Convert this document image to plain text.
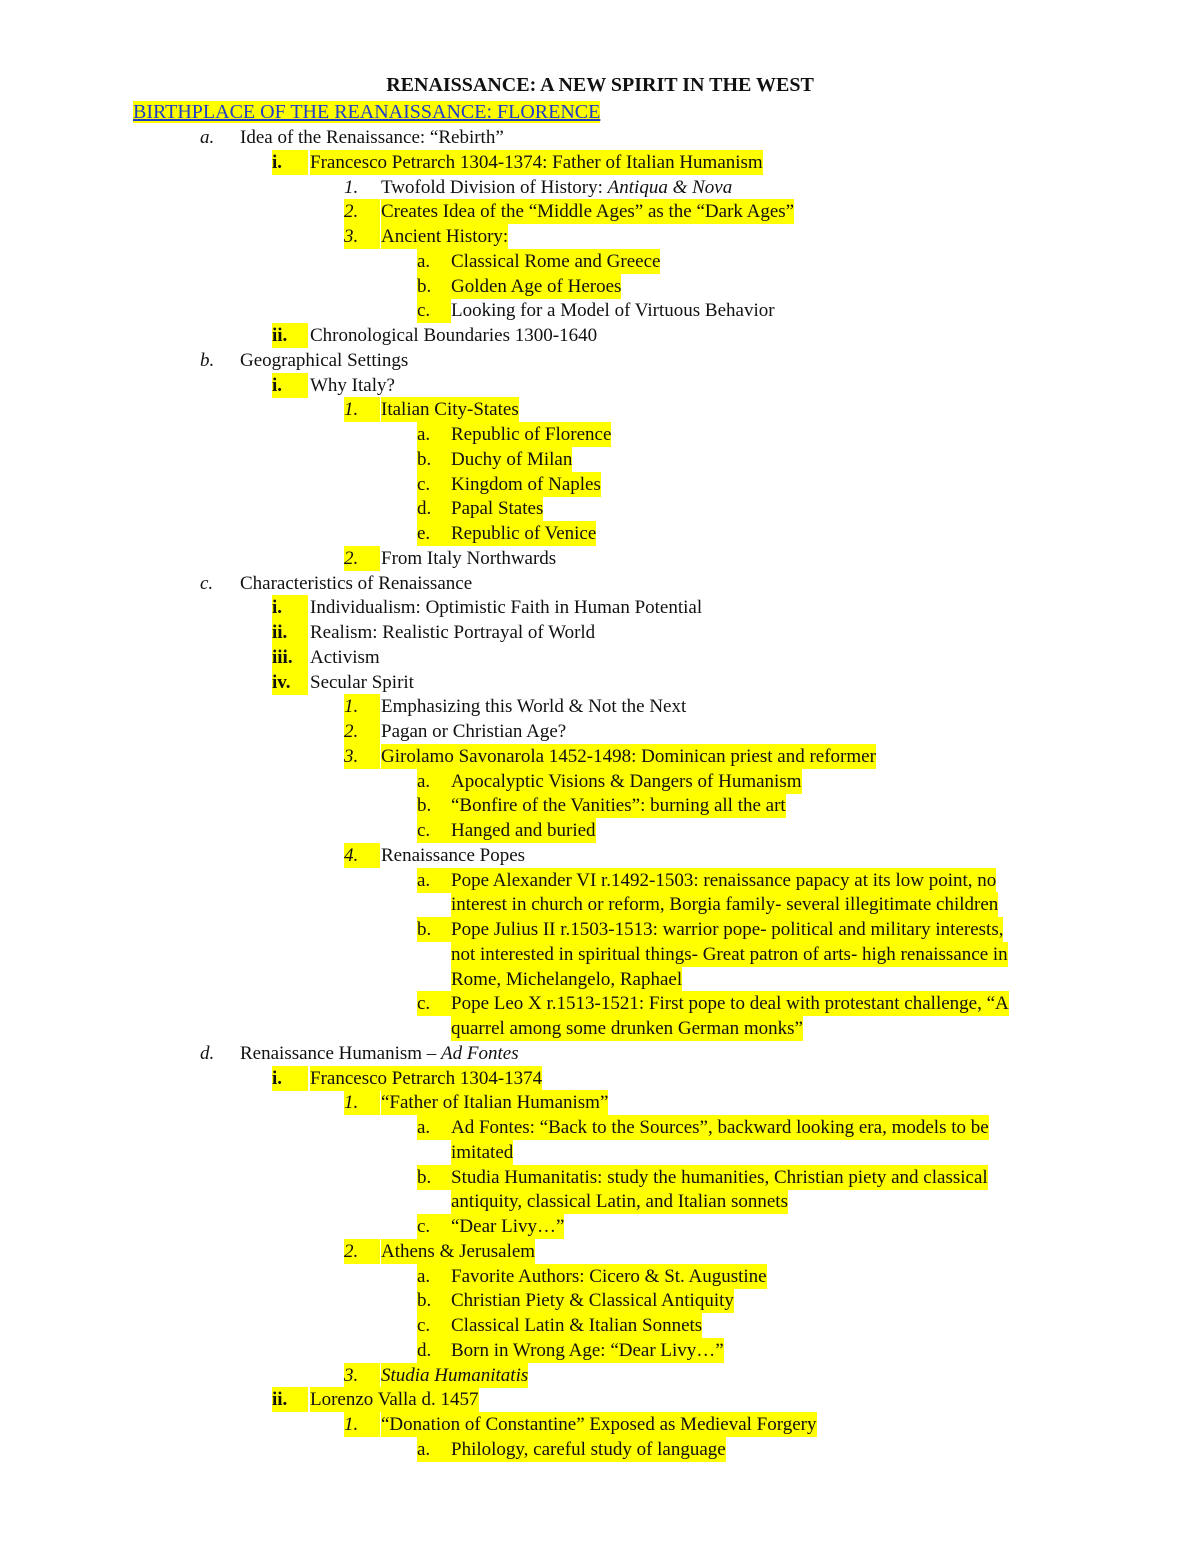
RENAISSANCE: A NEW SPIRIT IN THE WEST
BIRTHPLACE OF THE REANAISSANCE: FLORENCE
a. Idea of the Renaissance: “Rebirth”
i.	Francesco Petrarch 1304-1374: Father of Italian Humanism
1.	Twofold Division of History: Antiqua & Nova
2.	Creates Idea of the “Middle Ages” as the “Dark Ages”
3.	Ancient History:
a.	Classical Rome and Greece
b.	Golden Age of Heroes
c.	Looking for a Model of Virtuous Behavior
ii.	Chronological Boundaries 1300-1640
b. Geographical Settings
i.	Why Italy?
1.	Italian City-States
a.	Republic of Florence
b.	Duchy of Milan
c.	Kingdom of Naples
d.	Papal States
e.	Republic of Venice
2.	From Italy Northwards
c. Characteristics of Renaissance
i.	Individualism: Optimistic Faith in Human Potential
ii.	Realism: Realistic Portrayal of World
iii. Activism
iv.	Secular Spirit
1.	Emphasizing this World & Not the Next
2.	Pagan or Christian Age?
3.	Girolamo Savonarola 1452-1498: Dominican priest and reformer
a.	Apocalyptic Visions & Dangers of Humanism
b.	“Bonfire of the Vanities”: burning all the art
c.	Hanged and buried
4.	Renaissance Popes
a.	Pope Alexander VI r.1492-1503: renaissance papacy at its low point, no
interest in church or reform, Borgia family- several illegitimate children
b.	Pope Julius II r.1503-1513: warrior pope- political and military interests,
not interested in spiritual things- Great patron of arts- high renaissance in
Rome, Michelangelo, Raphael
c.	Pope Leo X r.1513-1521: First pope to deal with protestant challenge, “A
quarrel among some drunken German monks”
d. Renaissance Humanism – Ad Fontes
i.	Francesco Petrarch 1304-1374
1.	“Father of Italian Humanism”
a.	Ad Fontes: “Back to the Sources”, backward looking era, models to be
imitated
b.	Studia Humanitatis: study the humanities, Christian piety and classical
antiquity, classical Latin, and Italian sonnets
c.	“Dear Livy…”
2.	Athens & Jerusalem
a.	Favorite Authors: Cicero & St. Augustine
b.	Christian Piety & Classical Antiquity
c.	Classical Latin & Italian Sonnets
d.	Born in Wrong Age: “Dear Livy…”
3.	Studia Humanitatis
ii.	Lorenzo Valla d. 1457
1.	“Donation of Constantine” Exposed as Medieval Forgery
a.	Philology, careful study of language
